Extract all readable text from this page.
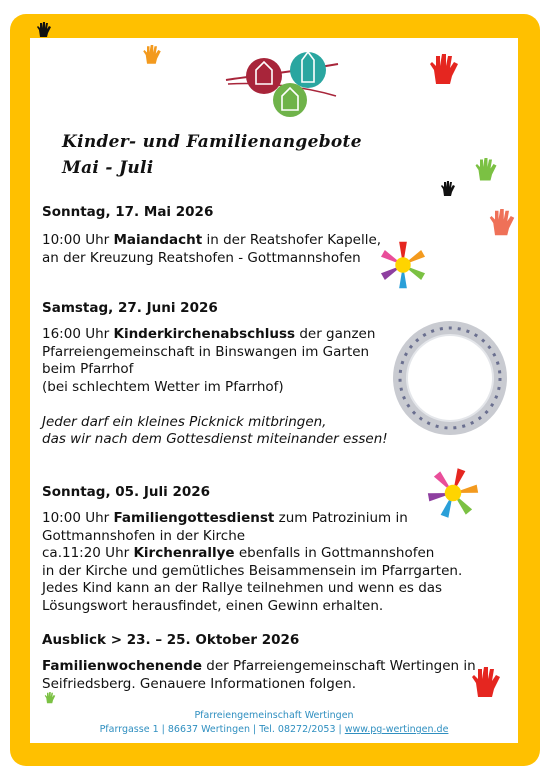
Kinder- und Familienangebote
Mai - Juli
Sonntag, 17. Mai 2026
10:00 Uhr Maiandacht in der Reatshofer Kapelle,
an der Kreuzung Reatshofen - Gottmannshofen
Samstag, 27. Juni 2026
16:00 Uhr Kinderkirchenabschluss der ganzen
Pfarreiengemeinschaft in Binswangen im Garten
beim Pfarrhof
(bei schlechtem Wetter im Pfarrhof)
Jeder darf ein kleines Picknick mitbringen,
das wir nach dem Gottesdienst miteinander essen!
Sonntag, 05. Juli 2026
10:00 Uhr Familiengottesdienst zum Patrozinium in
Gottmannshofen in der Kirche
ca.11:20 Uhr Kirchenrallye ebenfalls in Gottmannshofen
in der Kirche und gemütliches Beisammensein im Pfarrgarten.
Jedes Kind kann an der Rallye teilnehmen und wenn es das
Lösungswort herausfindet, einen Gewinn erhalten.
Ausblick > 23. – 25. Oktober 2026
Familienwochenende der Pfarreiengemeinschaft Wertingen in
Seifriedsberg. Genauere Informationen folgen.
Pfarreiengemeinschaft Wertingen
Pfarrgasse 1 | 86637 Wertingen | Tel. 08272/2053 | www.pg-wertingen.de
